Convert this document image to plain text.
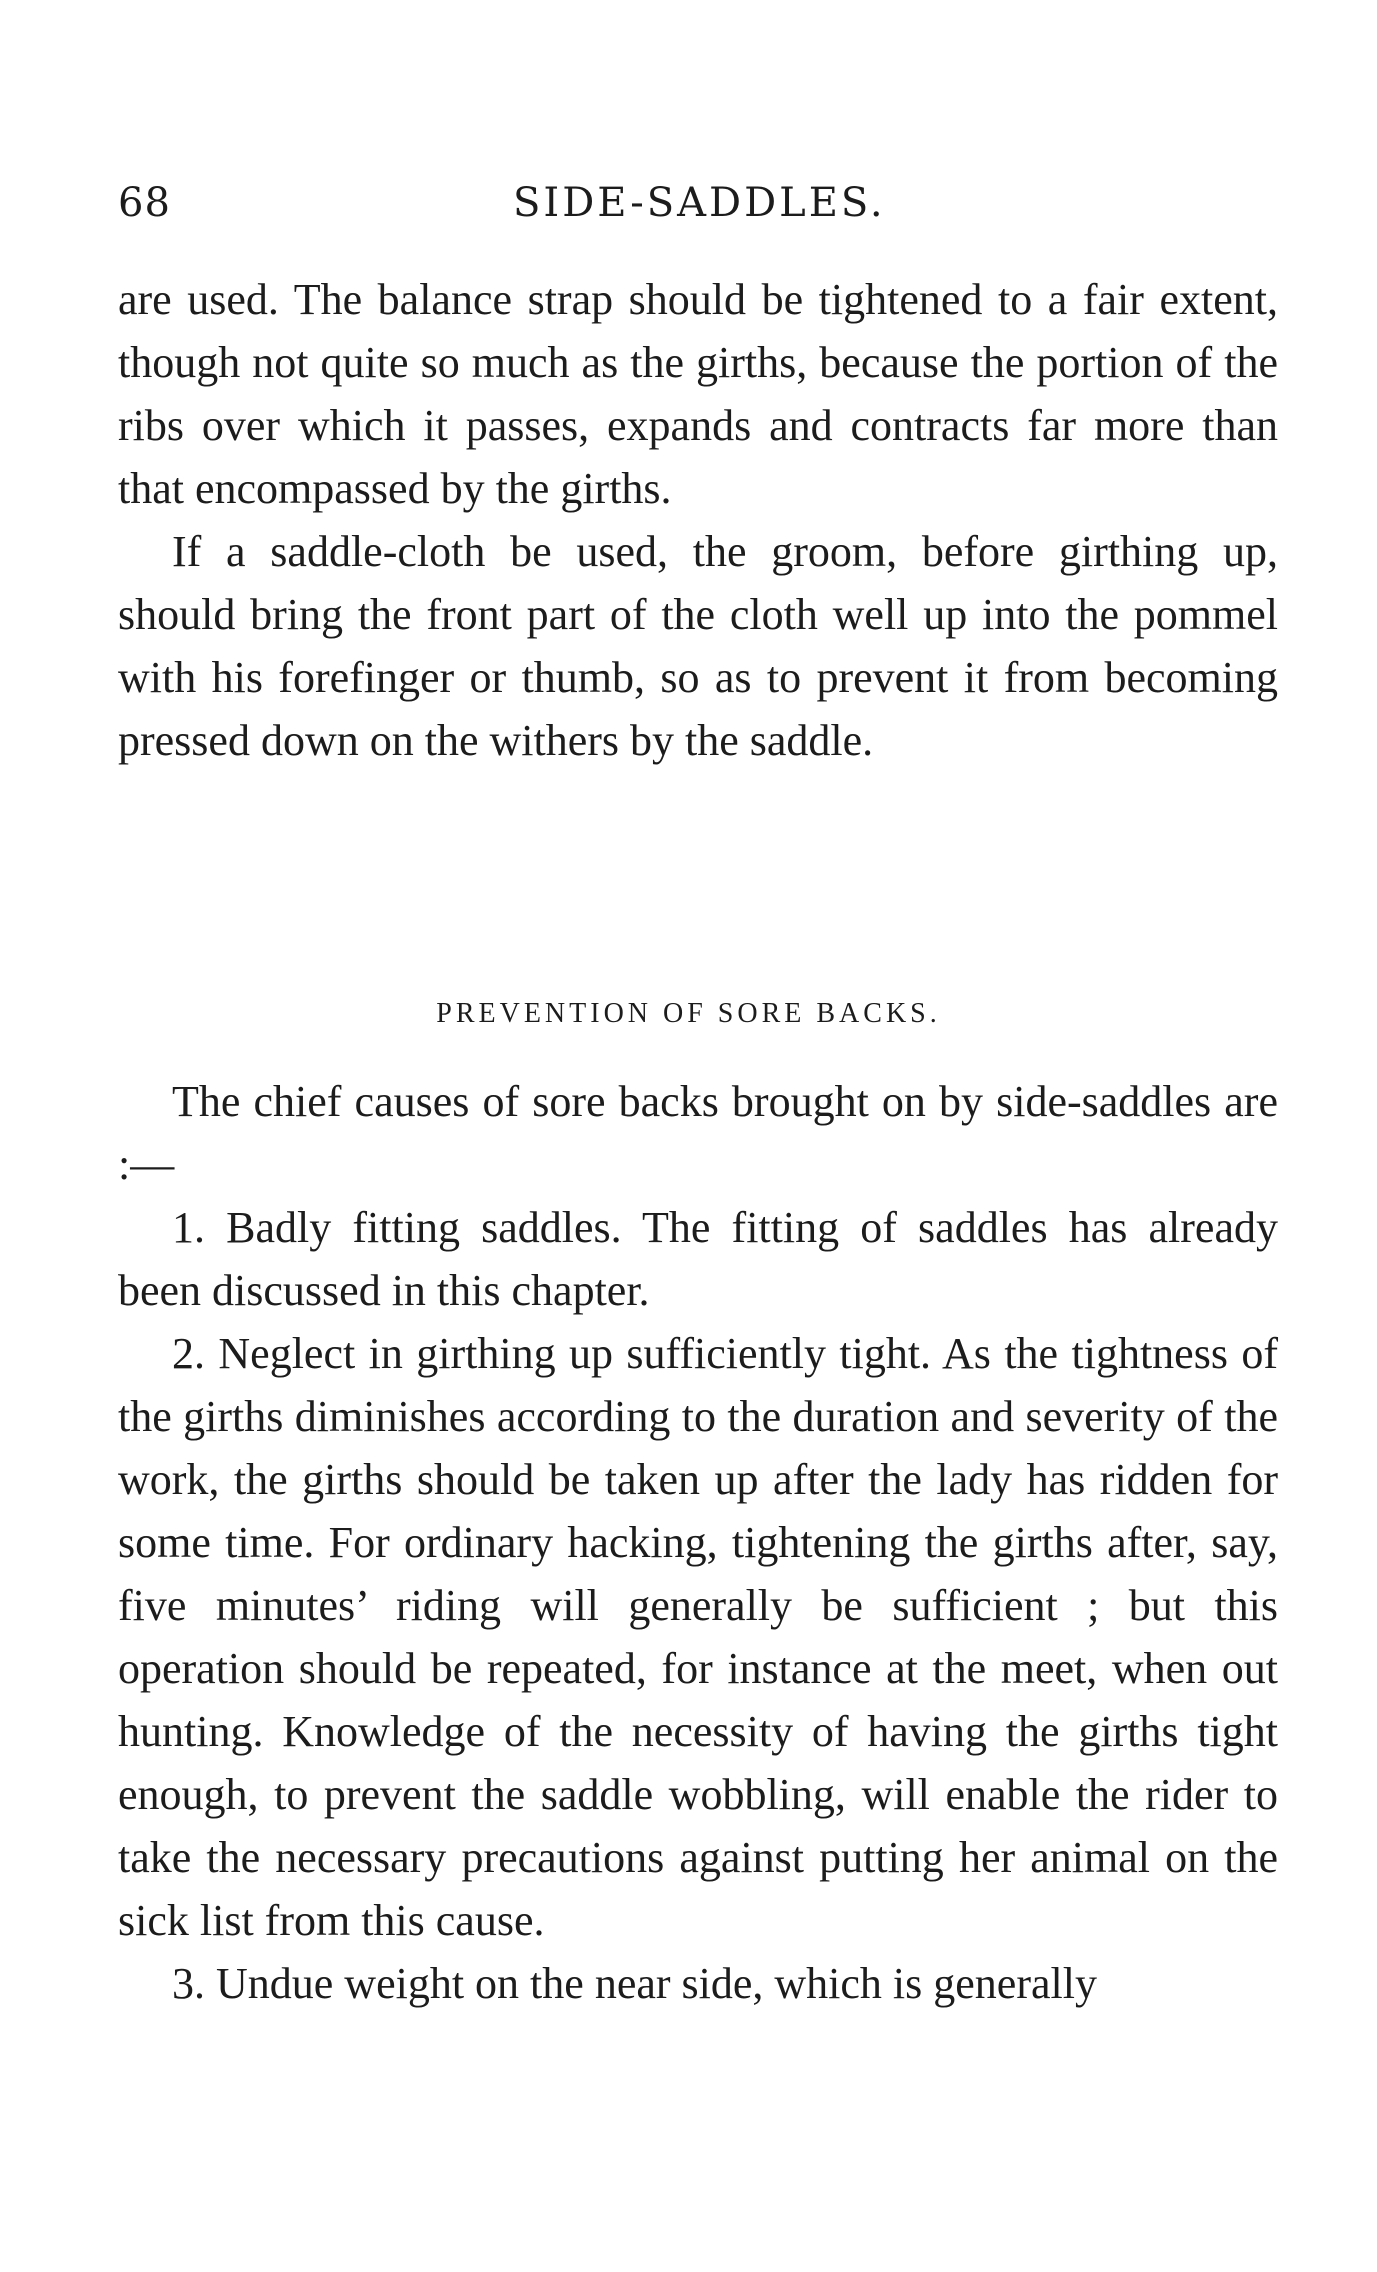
68	SIDE-SADDLES.

are used. The balance strap should be tightened to a fair extent, though not quite so much as the girths, because the portion of the ribs over which it passes, expands and contracts far more than that encompassed by the girths.

If a saddle-cloth be used, the groom, before girthing up, should bring the front part of the cloth well up into the pommel with his forefinger or thumb, so as to prevent it from becoming pressed down on the withers by the saddle.

PREVENTION OF SORE BACKS.

The chief causes of sore backs brought on by side-saddles are :—

1. Badly fitting saddles. The fitting of saddles has already been discussed in this chapter.

2. Neglect in girthing up sufficiently tight. As the tightness of the girths diminishes according to the duration and severity of the work, the girths should be taken up after the lady has ridden for some time. For ordinary hacking, tightening the girths after, say, five minutes’ riding will generally be sufficient ; but this operation should be repeated, for instance at the meet, when out hunting. Knowledge of the necessity of having the girths tight enough, to prevent the saddle wobbling, will enable the rider to take the necessary precautions against putting her animal on the sick list from this cause.

3. Undue weight on the near side, which is generally
